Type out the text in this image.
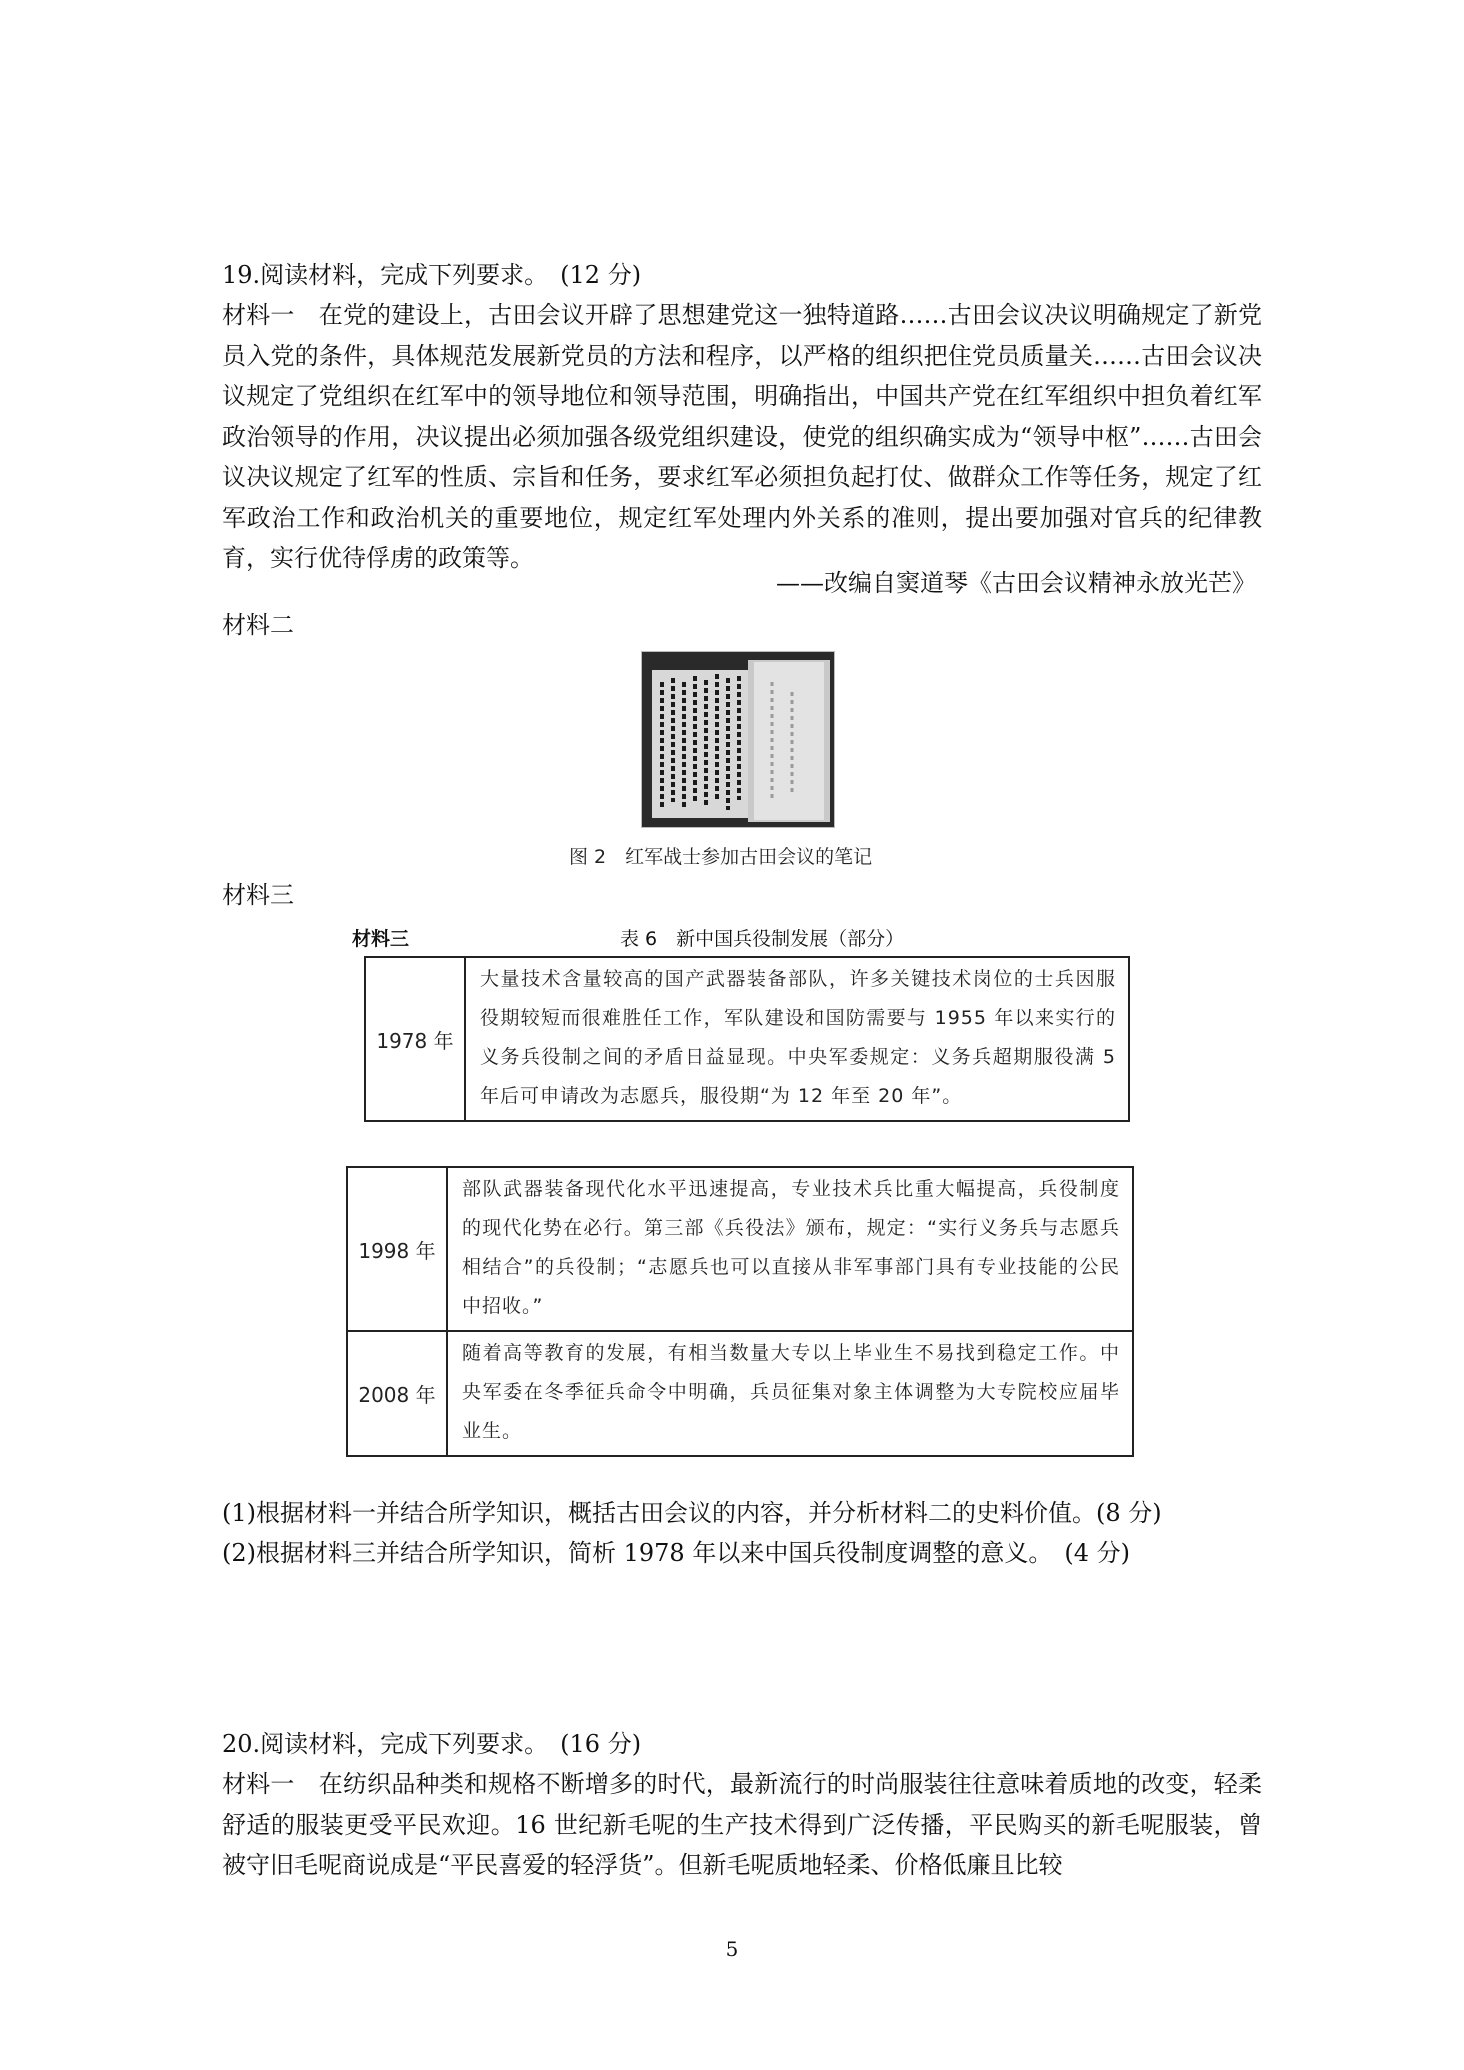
19.阅读材料，完成下列要求。　(12 分)
材料一　在党的建设上，古田会议开辟了思想建党这一独特道路……古田会议决议明确规定了新党员入党的条件，具体规范发展新党员的方法和程序，以严格的组织把住党员质量关……古田会议决议规定了党组织在红军中的领导地位和领导范围，明确指出，中国共产党在红军组织中担负着红军政治领导的作用，决议提出必须加强各级党组织建设，使党的组织确实成为“领导中枢”……古田会议决议规定了红军的性质、宗旨和任务，要求红军必须担负起打仗、做群众工作等任务，规定了红军政治工作和政治机关的重要地位，规定红军处理内外关系的准则，提出要加强对官兵的纪律教育，实行优待俘虏的政策等。
——改编自窦道琴《古田会议精神永放光芒》
材料二
图 2　红军战士参加古田会议的笔记
材料三
材料三	表 6　新中国兵役制发展（部分）
1978 年	大量技术含量较高的国产武器装备部队，许多关键技术岗位的士兵因服役期较短而很难胜任工作，军队建设和国防需要与 1955 年以来实行的义务兵役制之间的矛盾日益显现。中央军委规定：义务兵超期服役满 5 年后可申请改为志愿兵，服役期“为 12 年至 20 年”。
1998 年	部队武器装备现代化水平迅速提高，专业技术兵比重大幅提高，兵役制度的现代化势在必行。第三部《兵役法》颁布，规定：“实行义务兵与志愿兵相结合”的兵役制；“志愿兵也可以直接从非军事部门具有专业技能的公民中招收。”
2008 年	随着高等教育的发展，有相当数量大专以上毕业生不易找到稳定工作。中央军委在冬季征兵命令中明确，兵员征集对象主体调整为大专院校应届毕业生。
(1)根据材料一并结合所学知识，概括古田会议的内容，并分析材料二的史料价值。(8 分)
(2)根据材料三并结合所学知识，简析 1978 年以来中国兵役制度调整的意义。　(4 分)
20.阅读材料，完成下列要求。　(16 分)
材料一　在纺织品种类和规格不断增多的时代，最新流行的时尚服装往往意味着质地的改变，轻柔舒适的服装更受平民欢迎。16 世纪新毛呢的生产技术得到广泛传播，平民购买的新毛呢服装，曾被守旧毛呢商说成是“平民喜爱的轻浮货”。但新毛呢质地轻柔、价格低廉且比较
5
